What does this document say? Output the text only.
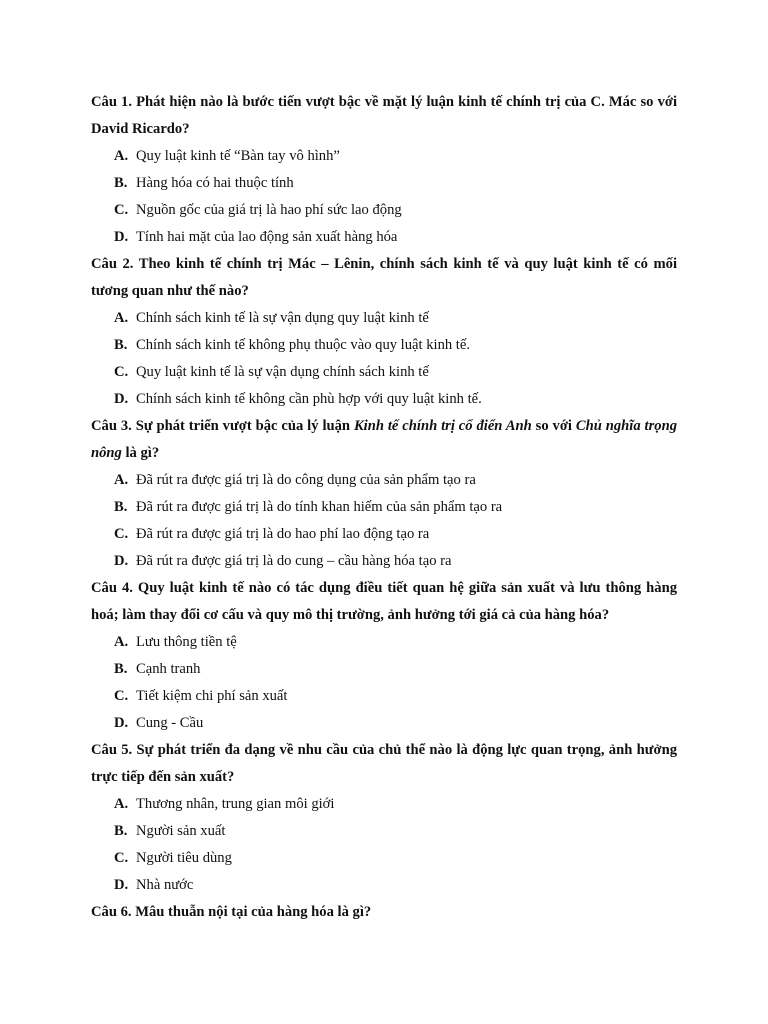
Câu 1. Phát hiện nào là bước tiến vượt bậc về mặt lý luận kinh tế chính trị của C. Mác so với David Ricardo?

A. Quy luật kinh tế “Bàn tay vô hình”
B. Hàng hóa có hai thuộc tính
C. Nguồn gốc của giá trị là hao phí sức lao động
D. Tính hai mặt của lao động sản xuất hàng hóa

Câu 2. Theo kinh tế chính trị Mác – Lênin, chính sách kinh tế và quy luật kinh tế có mối tương quan như thế nào?

A. Chính sách kinh tế là sự vận dụng quy luật kinh tế
B. Chính sách kinh tế không phụ thuộc vào quy luật kinh tế.
C. Quy luật kinh tế là sự vận dụng chính sách kinh tế
D. Chính sách kinh tế không cần phù hợp với quy luật kinh tế.

Câu 3. Sự phát triển vượt bậc của lý luận Kinh tế chính trị cổ điển Anh so với Chủ nghĩa trọng nông là gì?

A. Đã rút ra được giá trị là do công dụng của sản phẩm tạo ra
B. Đã rút ra được giá trị là do tính khan hiếm của sản phẩm tạo ra
C. Đã rút ra được giá trị là do hao phí lao động tạo ra
D. Đã rút ra được giá trị là do cung – cầu hàng hóa tạo ra

Câu 4. Quy luật kinh tế nào có tác dụng điều tiết quan hệ giữa sản xuất và lưu thông hàng hoá; làm thay đổi cơ cấu và quy mô thị trường, ảnh hưởng tới giá cả của hàng hóa?

A. Lưu thông tiền tệ
B. Cạnh tranh
C. Tiết kiệm chi phí sản xuất
D. Cung - Cầu

Câu 5. Sự phát triển đa dạng về nhu cầu của chủ thể nào là động lực quan trọng, ảnh hưởng trực tiếp đến sản xuất?

A. Thương nhân, trung gian môi giới
B. Người sản xuất
C. Người tiêu dùng
D. Nhà nước

Câu 6. Mâu thuẫn nội tại của hàng hóa là gì?
